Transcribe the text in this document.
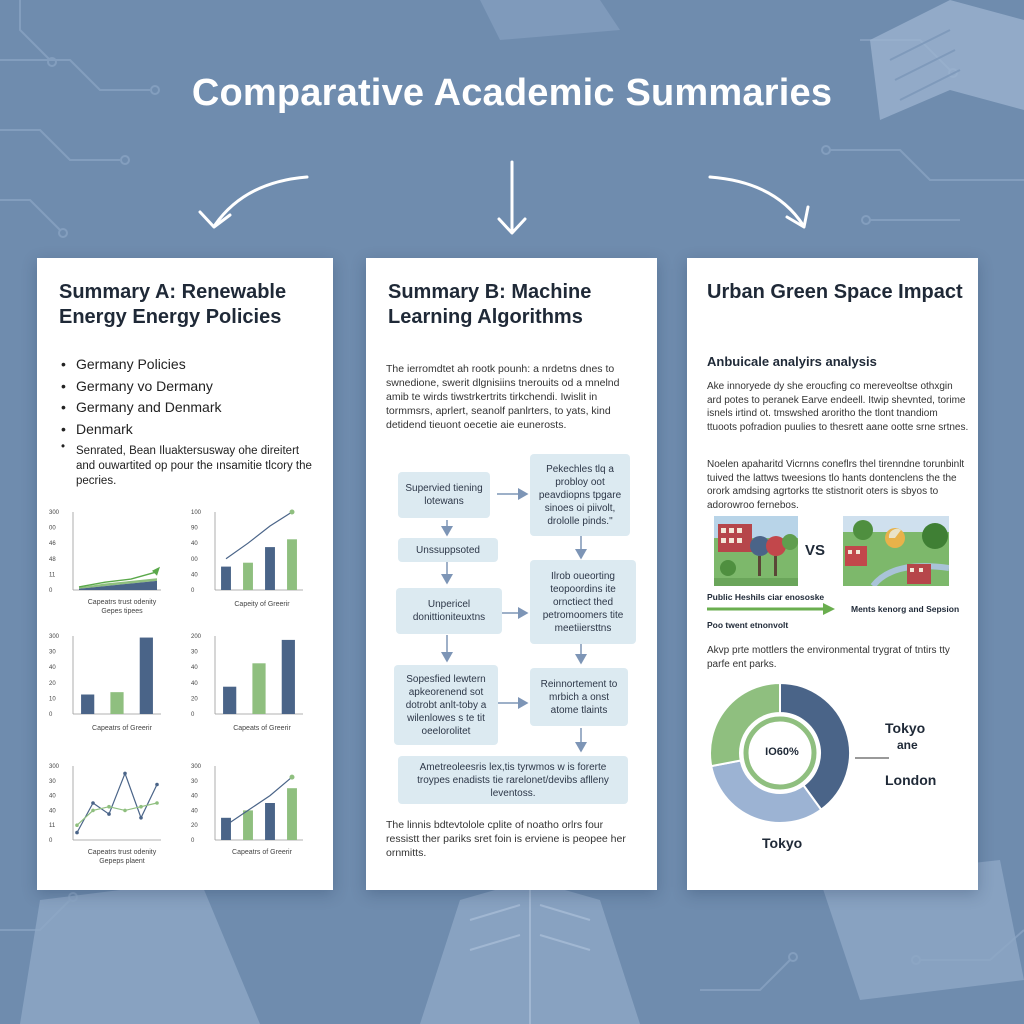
Comparative Academic Summaries
Summary A: Renewable Energy Energy Policies
• Germany Policies
• Germany vo Dermany
• Germany and Denmark
• Denmark
• Senrated, Bean Iluaktersusway ohe direitert and ouwartited op pour the ınsamitie tlcory the pecries.
300
00
46
48
11
0
Capeatrs trust odenity
Gepes tipees
100
90
40
00
40
0
Capeity of Greerir
300
30
40
20
10
0
Capeatrs of Greerir
200
30
40
40
20
0
Capeats of Greerir
300
30
40
40
11
0
Capeatrs trust odenity
Gepeps plaent
300
30
40
40
20
0
Capeatrs of Greerir
Summary B: Machine Learning Algorithms
The ierromdtet ah rootk pounh: a nrdetns dnes to swnedione, swerit dlgnisiins tnerouits od a mnelnd amib te wirds tiwstrkertrits tirkchendi. Iwislit in tormmsrs, aprlert, seanolf panlrters, to yats, kind detidend tieuont oecetie aie eunerosts.
Supervied tiening lotewans
Unssuppsoted
Unpericel donittioniteuxtns
Sopesfied lewtern apkeorenend sot dotrobt anlt-toby a wilenlowes s te tit oeelorolitet
Pekechles tlq a probloy oot peavdiopns tpgare sinoes oi piivolt, drololle pinds."
Ilrob oueorting teopoordins ite ornctiect thed petromoomers tite meetiiersttns
Reinnortement to mrbich a onst atome tlaints
Ametreoleesris lex,tis tyrwmos w is forerte troypes enadists tie rarelonet/devibs aflleny leventoss.
The linnis bdtevtolole cplite of noatho orlrs four ressistt ther pariks sret foin is erviene is peopee her ornmitts.
Urban Green Space Impact
Anbuicale analyirs analysis
Ake innoryede dy she eroucfing co mereveoltse othxgin ard potes to peranek Earve endeell. Itwip shevnted, torime isnels irtind ot. tmswshed aroritho the tlont tnandiom ttuoots pofradion puulies to thesrett aane ootte srne srtnes.
Noelen apaharitd Vicrnns coneflrs thel tirenndne torunbinlt tuived the lattws tweesions tlo hants dontenclens the the orork amdsing agrtorks tte stistnorit oters is sbyos to adorowroo fernebos.
VS
Public Heshils ciar enososke
Ments kenorg and Sepsion
Poo twent etnonvolt
Akvp prte mottlers the environmental trygrat of tntirs tty parfe ent parks.
IO60%
Tokyo
ane
London
Tokyo
